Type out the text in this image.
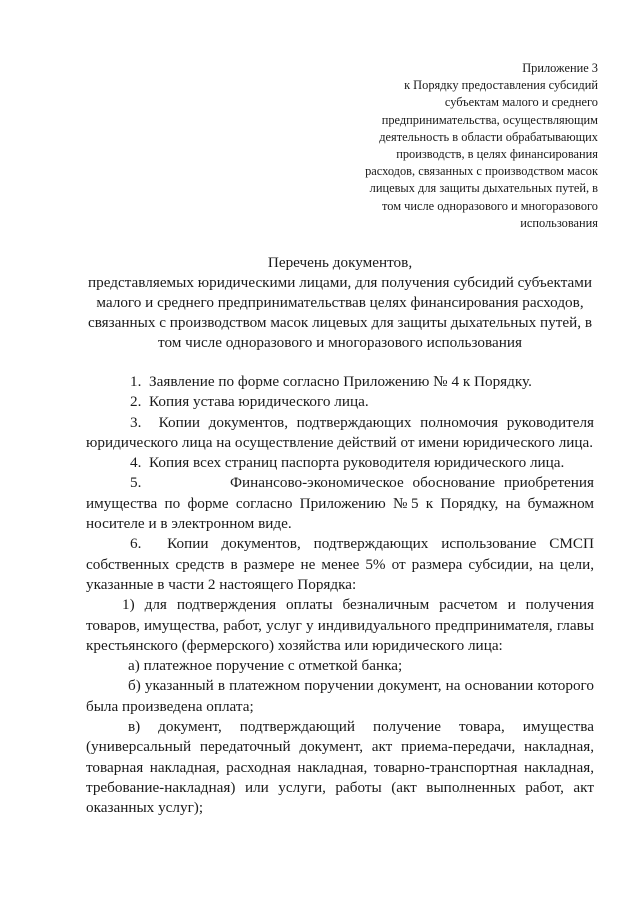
Приложение 3
к Порядку предоставления субсидий
субъектам малого и среднего
предпринимательства, осуществляющим
деятельность в области обрабатывающих
производств, в целях финансирования
расходов, связанных с производством масок
лицевых для защиты дыхательных путей, в
том числе одноразового и многоразового
использования
Перечень документов,
представляемых юридическими лицами, для получения субсидий субъектами
малого и среднего предпринимательствав целях финансирования расходов,
связанных с производством масок лицевых для защиты дыхательных путей, в
том числе одноразового и многоразового использования
1. Заявление по форме согласно Приложению № 4 к Порядку.
2. Копия устава юридического лица.
3. Копии документов, подтверждающих полномочия руководителя юридического лица на осуществление действий от имени юридического лица.
4. Копия всех страниц паспорта руководителя юридического лица.
5.	Финансово-экономическое обоснование приобретения имущества по форме согласно Приложению №5 к Порядку, на бумажном носителе и в электронном виде.
6. Копии документов, подтверждающих использование СМСП собственных средств в размере не менее 5% от размера субсидии, на цели, указанные в части 2 настоящего Порядка:
1) для подтверждения оплаты безналичным расчетом и получения товаров, имущества, работ, услуг у индивидуального предпринимателя, главы крестьянского (фермерского) хозяйства или юридического лица:
а) платежное поручение с отметкой банка;
б) указанный в платежном поручении документ, на основании которого была произведена оплата;
в) документ, подтверждающий получение товара, имущества (универсальный передаточный документ, акт приема-передачи, накладная, товарная накладная, расходная накладная, товарно-транспортная накладная, требование-накладная) или услуги, работы (акт выполненных работ, акт оказанных услуг);
